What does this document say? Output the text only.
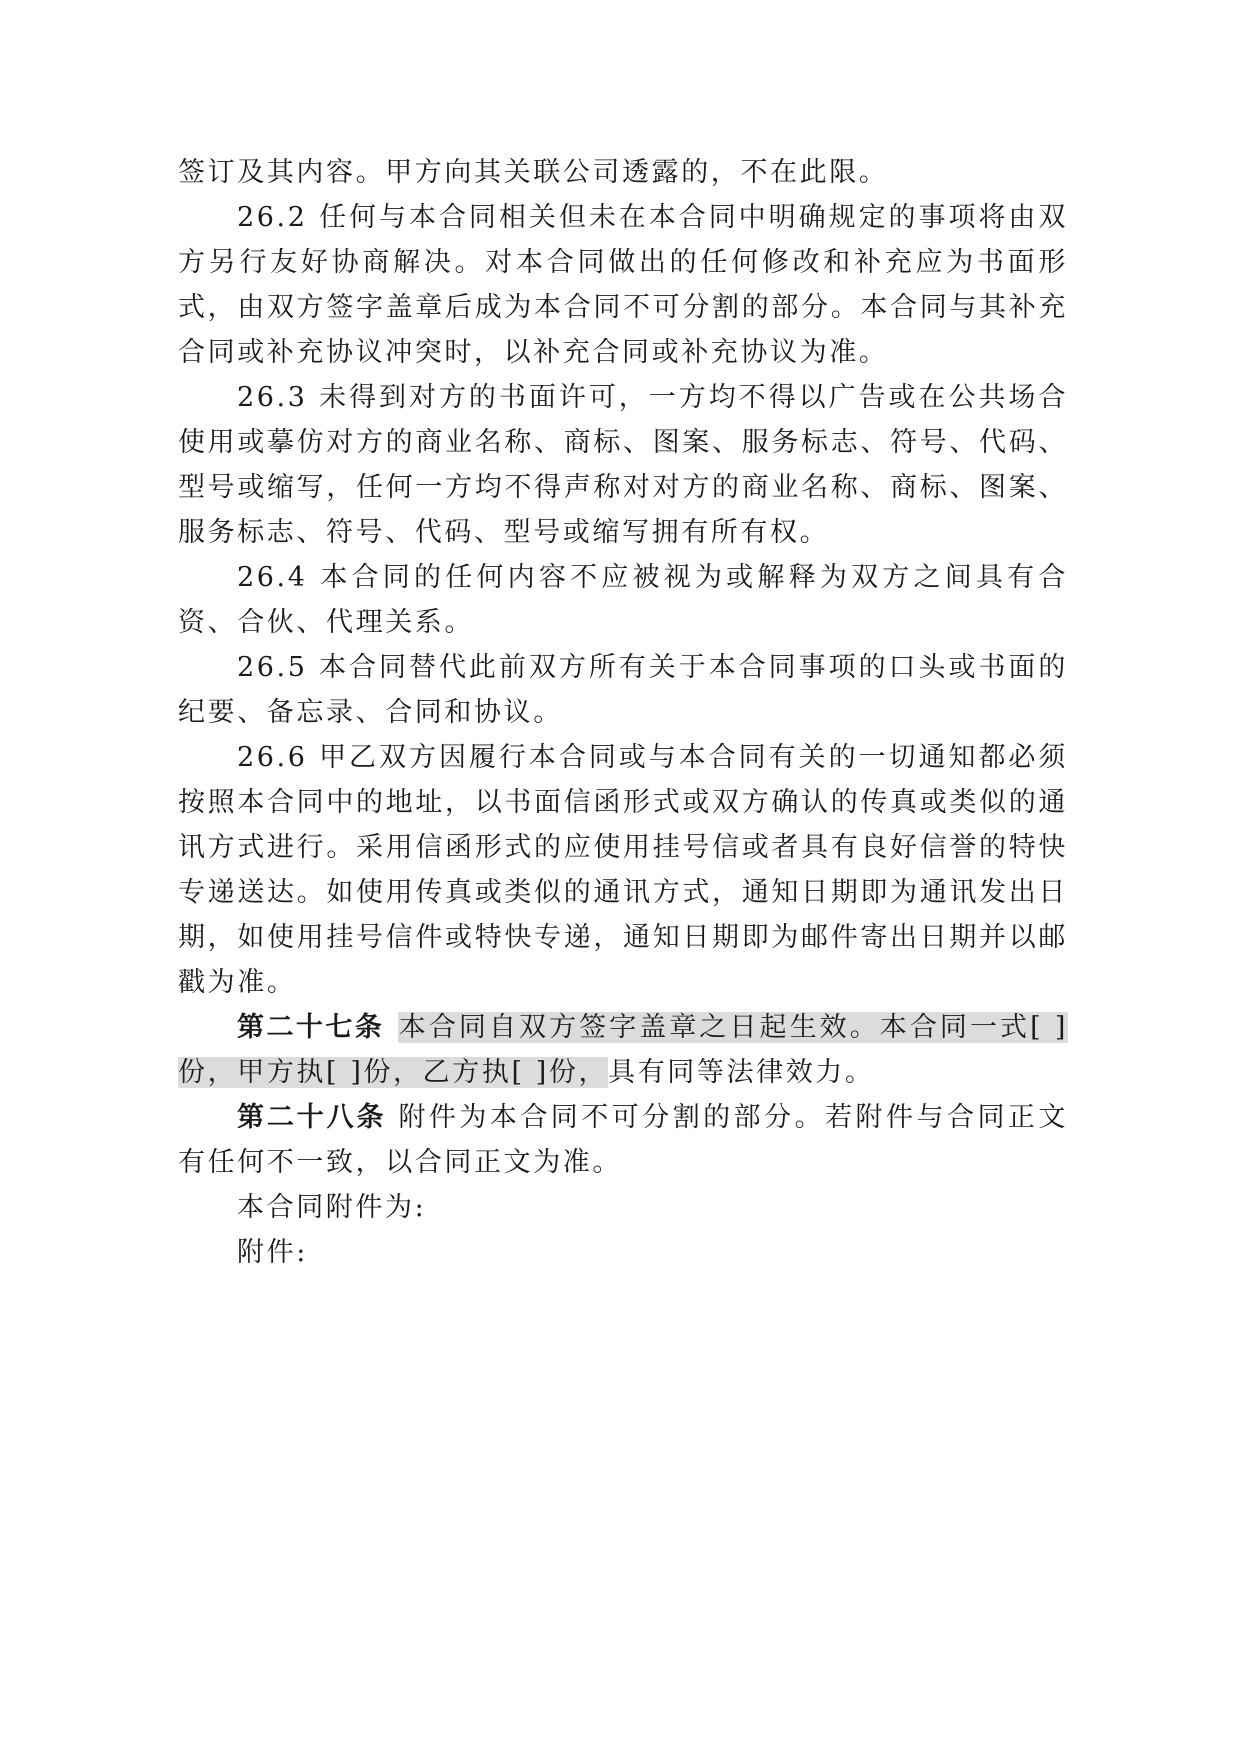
签订及其内容。甲方向其关联公司透露的，不在此限。

26.2 任何与本合同相关但未在本合同中明确规定的事项将由双方另行友好协商解决。对本合同做出的任何修改和补充应为书面形式，由双方签字盖章后成为本合同不可分割的部分。本合同与其补充合同或补充协议冲突时，以补充合同或补充协议为准。

26.3 未得到对方的书面许可，一方均不得以广告或在公共场合使用或摹仿对方的商业名称、商标、图案、服务标志、符号、代码、型号或缩写，任何一方均不得声称对对方的商业名称、商标、图案、服务标志、符号、代码、型号或缩写拥有所有权。

26.4 本合同的任何内容不应被视为或解释为双方之间具有合资、合伙、代理关系。

26.5 本合同替代此前双方所有关于本合同事项的口头或书面的纪要、备忘录、合同和协议。

26.6 甲乙双方因履行本合同或与本合同有关的一切通知都必须按照本合同中的地址，以书面信函形式或双方确认的传真或类似的通讯方式进行。采用信函形式的应使用挂号信或者具有良好信誉的特快专递送达。如使用传真或类似的通讯方式，通知日期即为通讯发出日期，如使用挂号信件或特快专递，通知日期即为邮件寄出日期并以邮戳为准。

第二十七条 本合同自双方签字盖章之日起生效。本合同一式[ ]份，甲方执[ ]份，乙方执[ ]份，具有同等法律效力。

第二十八条 附件为本合同不可分割的部分。若附件与合同正文有任何不一致，以合同正文为准。

本合同附件为:

附件:
